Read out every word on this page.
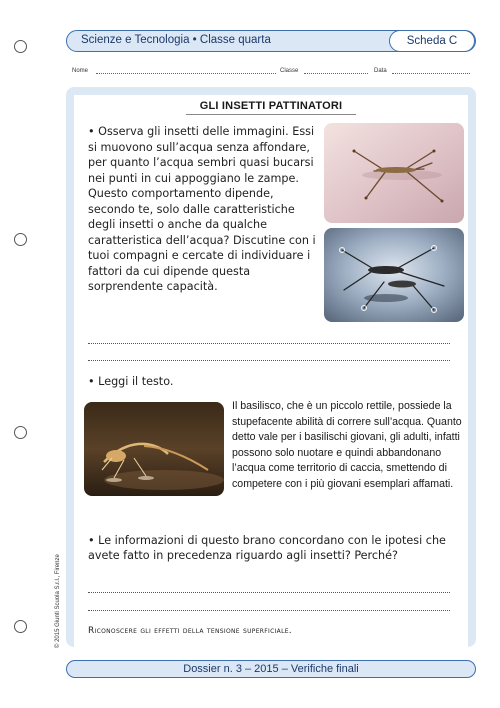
Scienze e Tecnologia • Classe quarta	Scheda C
Nome	Classe	Data
GLI INSETTI PATTINATORI

• Osserva gli insetti delle immagini. Essi si muovono sull’acqua senza affondare, per quanto l’acqua sembri quasi bucarsi nei punti in cui appoggiano le zampe. Questo comportamento dipende, secondo te, solo dalle caratteristiche degli insetti o anche da qualche caratteristica dell’acqua? Discutine con i tuoi compagni e cercate di individuare i fattori da cui dipende questa sorprendente capacità.

• Leggi il testo.

Il basilisco, che è un piccolo rettile, possiede la stupefacente abilità di correre sull’acqua. Quanto detto vale per i basilischi giovani, gli adulti, infatti possono solo nuotare e quindi abbandonano l’acqua come territorio di caccia, smettendo di competere con i più giovani esemplari affamati.

• Le informazioni di questo brano concordano con le ipotesi che avete fatto in precedenza riguardo agli insetti? Perché?

Riconoscere gli effetti della tensione superficiale.
Dossier n. 3 – 2015 – Verifiche finali
© 2015 Giunti Scuola S.r.l., Firenze
